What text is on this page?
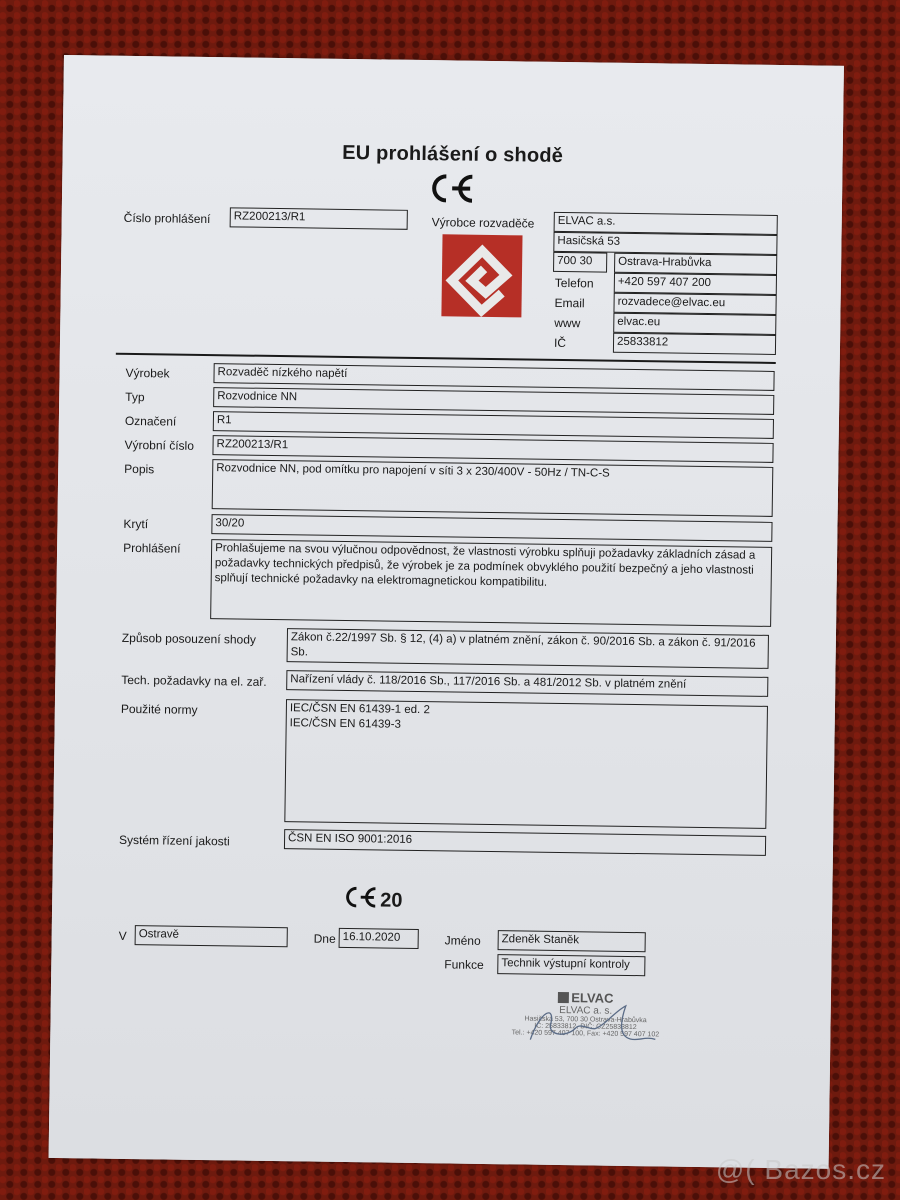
EU prohlášení o shodě
Číslo prohlášení	RZ200213/R1	Výrobce rozvaděče	ELVAC a.s.
Hasičská 53
700 30	Ostrava-Hrabůvka
Telefon	+420 597 407 200
Email	rozvadece@elvac.eu
www	elvac.eu
IČ	25833812
Výrobek	Rozvaděč nízkého napětí
Typ	Rozvodnice NN
Označení	R1
Výrobní číslo	RZ200213/R1
Popis	Rozvodnice NN, pod omítku pro napojení v síti 3 x 230/400V - 50Hz / TN-C-S
Krytí	30/20
Prohlášení	Prohlašujeme na svou výlučnou odpovědnost, že vlastnosti výrobku splňuji požadavky základních zásad a požadavky technických předpisů, že výrobek je za podmínek obvyklého použití bezpečný a jeho vlastnosti splňují technické požadavky na elektromagnetickou kompatibilitu.
Způsob posouzení shody	Zákon č.22/1997 Sb. § 12, (4) a) v platném znění, zákon č. 90/2016 Sb. a zákon č. 91/2016 Sb.
Tech. požadavky na el. zař.	Nařízení vlády č. 118/2016 Sb., 117/2016 Sb. a 481/2012 Sb. v platném znění
Použité normy	IEC/ČSN EN 61439-1 ed. 2
IEC/ČSN EN 61439-3
Systém řízení jakosti	ČSN EN ISO 9001:2016
20
V	Ostravě	Dne 16.10.2020	Jméno	Zdeněk Staněk
Funkce	Technik výstupní kontroly
ELVAC
ELVAC a. s.
Hasičská 53, 700 30 Ostrava-Hrabůvka
IČ: 25833812, DIČ: CZ25833812
Tel.: +420 597 407 100, Fax: +420 597 407 102
@( Bazos.cz
